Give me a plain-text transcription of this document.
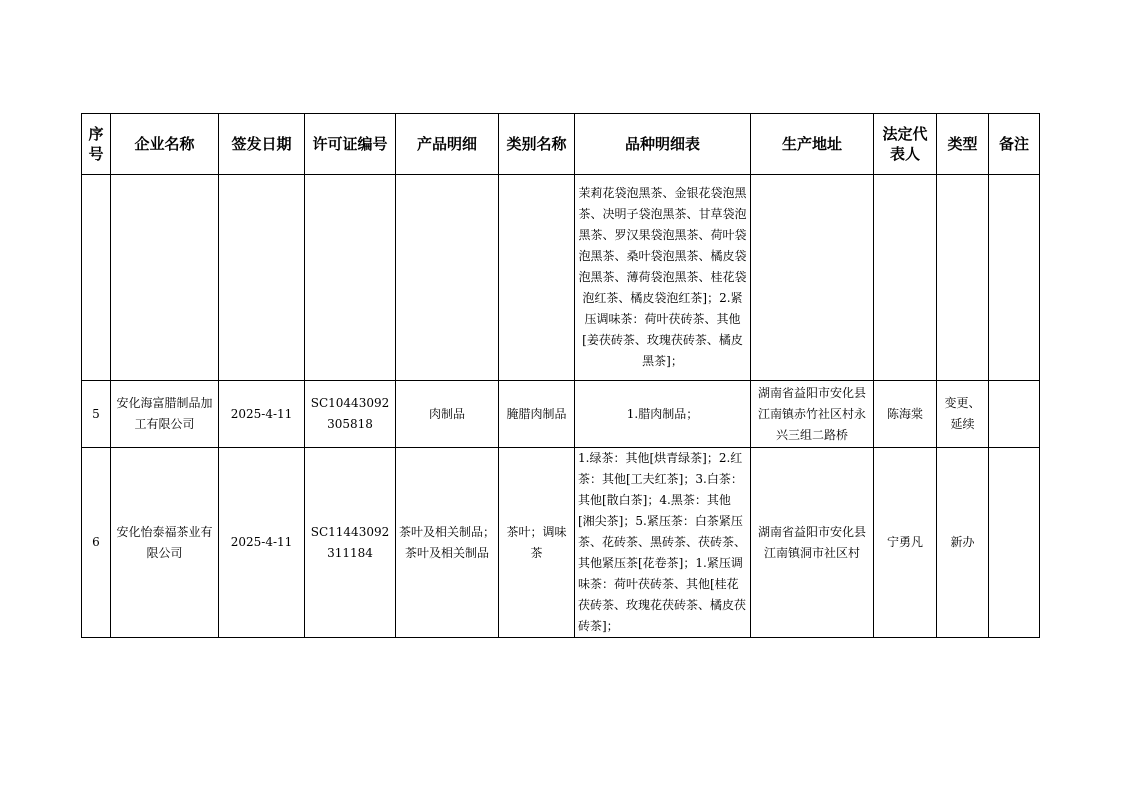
序号	企业名称	签发日期	许可证编号	产品明细	类别名称	品种明细表	生产地址	法定代表人	类型	备注
						茉莉花袋泡黑茶、金银花袋泡黑茶、决明子袋泡黑茶、甘草袋泡黑茶、罗汉果袋泡黑茶、荷叶袋泡黑茶、桑叶袋泡黑茶、橘皮袋泡黑茶、薄荷袋泡黑茶、桂花袋泡红茶、橘皮袋泡红茶]；2.紧压调味茶：荷叶茯砖茶、其他[姜茯砖茶、玫瑰茯砖茶、橘皮黑茶]；				
5	安化海富腊制品加工有限公司	2025-4-11	SC10443092305818	肉制品	腌腊肉制品	1.腊肉制品；	湖南省益阳市安化县江南镇赤竹社区村永兴三组二路桥	陈海棠	变更、延续	
6	安化怡泰福茶业有限公司	2025-4-11	SC11443092311184	茶叶及相关制品；茶叶及相关制品	茶叶；调味茶	1.绿茶：其他[烘青绿茶]；2.红茶：其他[工夫红茶]；3.白茶：其他[散白茶]；4.黑茶：其他[湘尖茶]；5.紧压茶：白茶紧压茶、花砖茶、黑砖茶、茯砖茶、其他紧压茶[花卷茶]；1.紧压调味茶：荷叶茯砖茶、其他[桂花茯砖茶、玫瑰花茯砖茶、橘皮茯砖茶]；	湖南省益阳市安化县江南镇洞市社区村	宁勇凡	新办	
